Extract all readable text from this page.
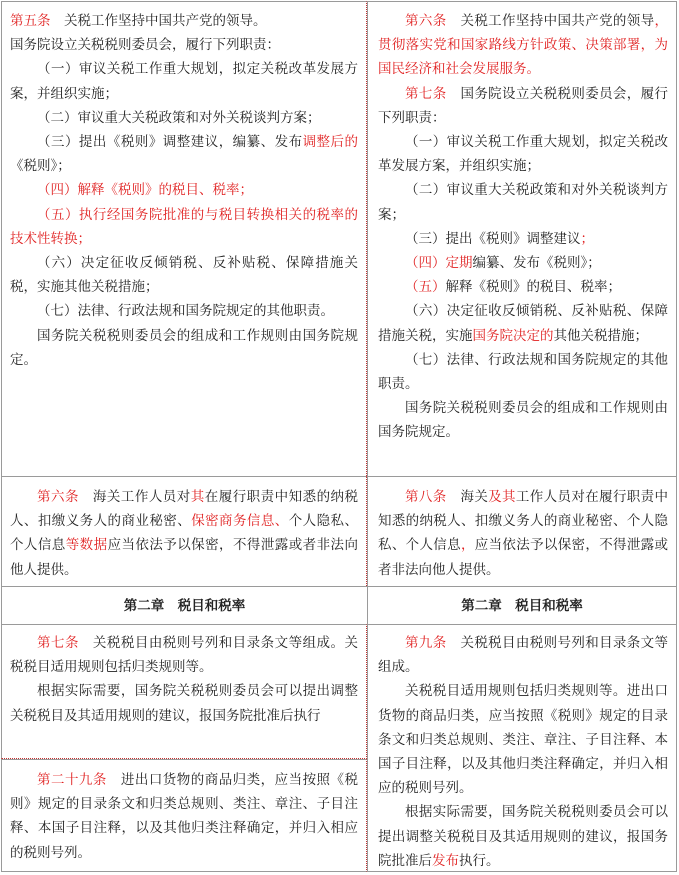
第五条　关税工作坚持中国共产党的领导。

国务院设立关税税则委员会，履行下列职责：

（一）审议关税工作重大规划，拟定关税改革发展方案，并组织实施；

（二）审议重大关税政策和对外关税谈判方案；

（三）提出《税则》调整建议，编纂、发布调整后的《税则》；

（四）解释《税则》的税目、税率；

（五）执行经国务院批准的与税目转换相关的税率的技术性转换；

（六）决定征收反倾销税、反补贴税、保障措施关税，实施其他关税措施；

（七）法律、行政法规和国务院规定的其他职责。

国务院关税税则委员会的组成和工作规则由国务院规定。

第六条　关税工作坚持中国共产党的领导，贯彻落实党和国家路线方针政策、决策部署，为国民经济和社会发展服务。

第七条　国务院设立关税税则委员会，履行下列职责：

（一）审议关税工作重大规划，拟定关税改革发展方案，并组织实施；

（二）审议重大关税政策和对外关税谈判方案；

（三）提出《税则》调整建议；

（四）定期编纂、发布《税则》；

（五）解释《税则》的税目、税率；

（六）决定征收反倾销税、反补贴税、保障措施关税，实施国务院决定的其他关税措施；

（七）法律、行政法规和国务院规定的其他职责。

国务院关税税则委员会的组成和工作规则由国务院规定。

第六条　海关工作人员对其在履行职责中知悉的纳税人、扣缴义务人的商业秘密、保密商务信息、个人隐私、个人信息等数据应当依法予以保密，不得泄露或者非法向他人提供。

第八条　海关及其工作人员对在履行职责中知悉的纳税人、扣缴义务人的商业秘密、个人隐私、个人信息，应当依法予以保密，不得泄露或者非法向他人提供。

第二章　税目和税率	第二章　税目和税率

第七条　关税税目由税则号列和目录条文等组成。关税税目适用规则包括归类规则等。

根据实际需要，国务院关税税则委员会可以提出调整关税税目及其适用规则的建议，报国务院批准后执行

第二十九条　进出口货物的商品归类，应当按照《税则》规定的目录条文和归类总规则、类注、章注、子目注释、本国子目注释，以及其他归类注释确定，并归入相应的税则号列。

第九条　关税税目由税则号列和目录条文等组成。

关税税目适用规则包括归类规则等。进出口货物的商品归类，应当按照《税则》规定的目录条文和归类总规则、类注、章注、子目注释、本国子目注释，以及其他归类注释确定，并归入相应的税则号列。

根据实际需要，国务院关税税则委员会可以提出调整关税税目及其适用规则的建议，报国务院批准后发布执行。
